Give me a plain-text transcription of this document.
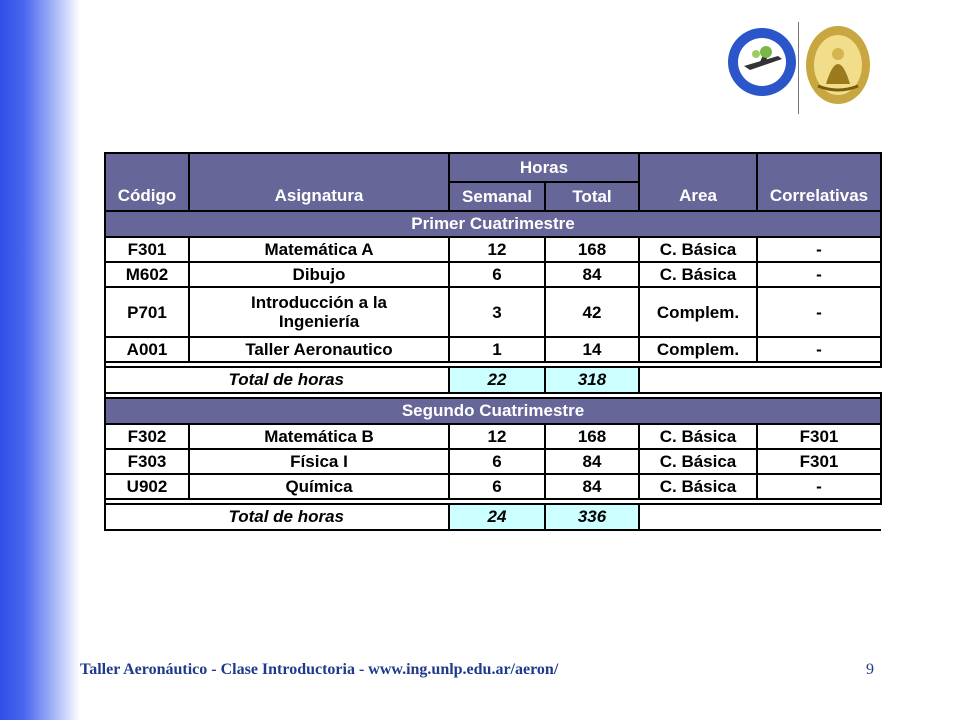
Código	Asignatura	Horas		Area	Correlativas
		Semanal	Total		
Primer Cuatrimestre					
F301	Matemática A	12	168	C. Básica	-
M602	Dibujo	6	84	C. Básica	-
P701	Introducción a la Ingeniería	3	42	Complem.	-
A001	Taller Aeronautico	1	14	Complem.	-

Total de horas		22	318		

Segundo Cuatrimestre					
F302	Matemática B	12	168	C. Básica	F301
F303	Física I	6	84	C. Básica	F301
U902	Química	6	84	C. Básica	-

Total de horas		24	336		
Taller Aeronáutico - Clase Introductoria - www.ing.unlp.edu.ar/aeron/	9
